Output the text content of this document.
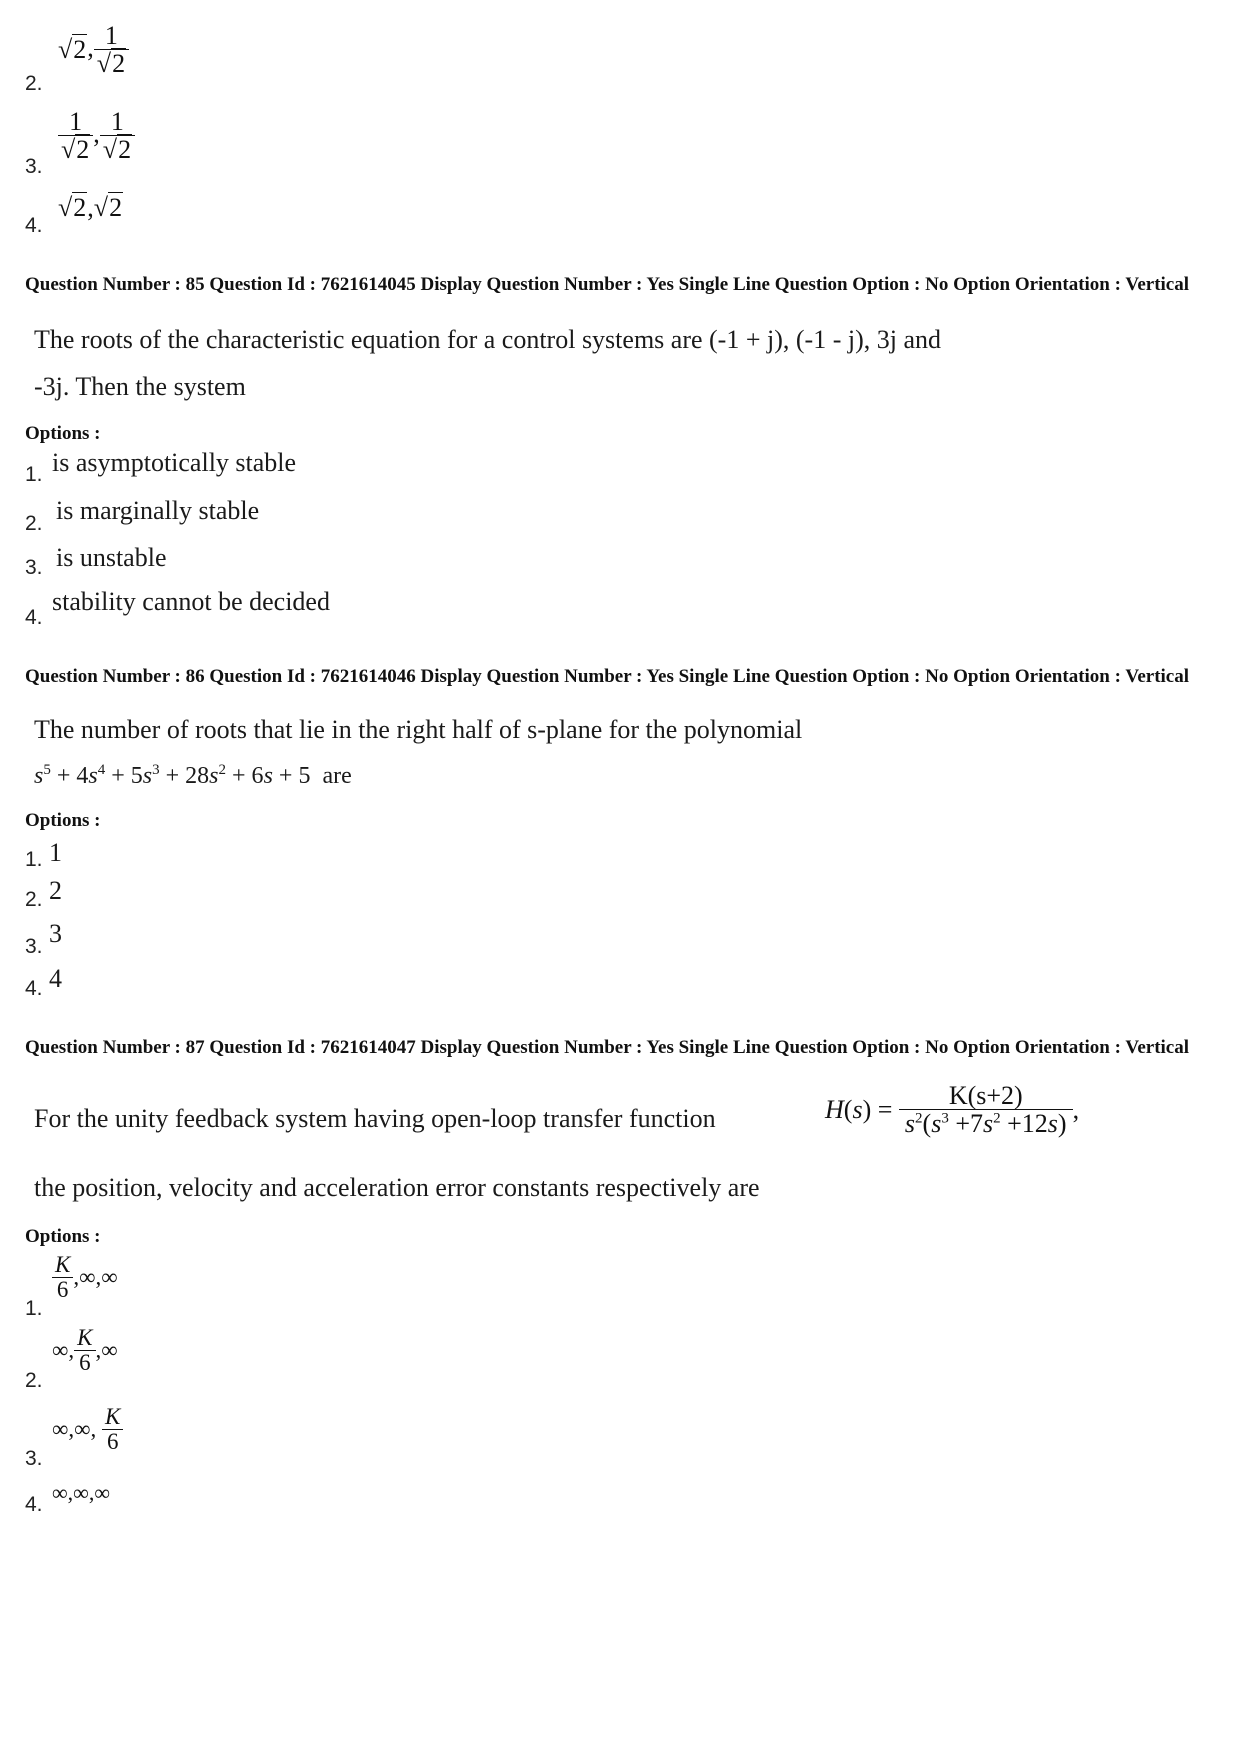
2.
√2, $\frac{1}{√2}$
3.
$\frac{1}{√2}$ , $\frac{1}{√2}$
4.
√2,√2
Question Number : 85 Question Id : 7621614045 Display Question Number : Yes Single Line Question Option : No Option Orientation : Vertical
The roots of the characteristic equation for a control systems are (-1 + j), (-1 - j), 3j and
-3j. Then the system
Options :
1. is asymptotically stable
2. is marginally stable
3. is unstable
4.
stability cannot be decided
Question Number : 86 Question Id : 7621614046 Display Question Number : Yes Single Line Question Option : No Option Orientation : Vertical
The number of roots that lie in the right half of s-plane for the polynomial
$s^5 + 4s^4 + 5s^3 + 28s^2 + 6s + 5$  are
Options :
1. 1
2. 2
3. 3
4. 4
Question Number : 87 Question Id : 7621614047 Display Question Number : Yes Single Line Question Option : No Option Orientation : Vertical
For the unity feedback system having open-loop transfer function	$H(s) = \frac{K(s+2)}{s^2(s^3 +7s^2 +12s)}$ ,
the position, velocity and acceleration error constants respectively are
Options :
1.
$\frac{K}{6}$ ,∞,∞
2.
∞, $\frac{K}{6}$ ,∞
3.
∞,∞, $\frac{K}{6}$
4. ∞,∞,∞
